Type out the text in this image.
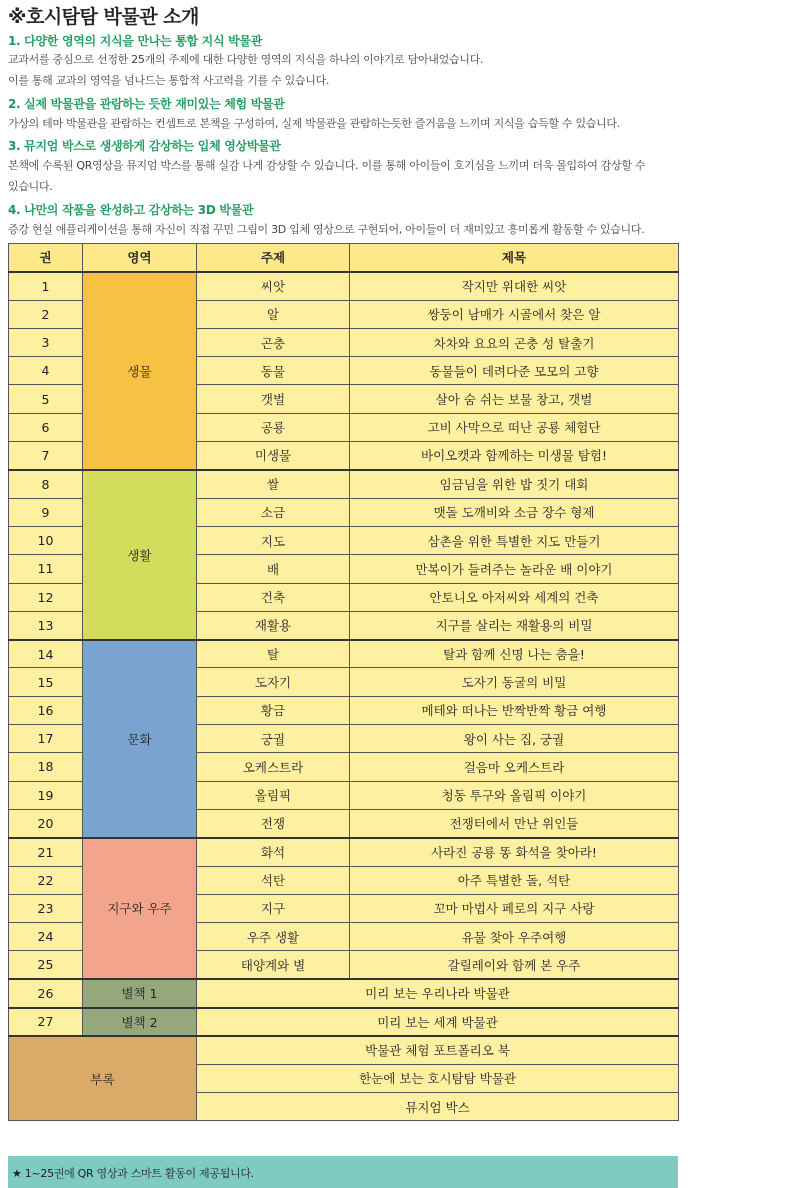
※호시탐탐 박물관 소개
1. 다양한 영역의 지식을 만나는 통합 지식 박물관
교과서를 중심으로 선정한 25개의 주제에 대한 다양한 영역의 지식을 하나의 이야기로 담아내었습니다.
이를 통해 교과의 영역을 넘나드는 통합적 사고력을 기를 수 있습니다.
2. 실제 박물관을 관람하는 듯한 재미있는 체험 박물관
가상의 테마 박물관을 관람하는 컨셉트로 본책을 구성하여, 실제 박물관을 관람하는듯한 즐거움을 느끼며 지식을 습득할 수 있습니다.
3. 뮤지엄 박스로 생생하게 감상하는 입체 영상박물관
본책에 수록된 QR영상을 뮤지엄 박스를 통해 실감 나게 감상할 수 있습니다. 이를 통해 아이들이 호기심을 느끼며 더욱 몰입하여 감상할 수
있습니다.
4. 나만의 작품을 완성하고 감상하는 3D 박물관
증강 현실 애플리케이션을 통해 자신이 직접 꾸민 그림이 3D 입체 영상으로 구현되어, 아이들이 더 재미있고 흥미롭게 활동할 수 있습니다.
권	영역	주제	제목
1	생물	씨앗	작지만 위대한 씨앗
2		알	쌍둥이 남매가 시골에서 찾은 알
3		곤충	차차와 요요의 곤충 성 탈출기
4		동물	동물들이 데려다준 모모의 고향
5		갯벌	살아 숨 쉬는 보물 창고, 갯벌
6		공룡	고비 사막으로 떠난 공룡 체험단
7		미생물	바이오캣과 함께하는 미생물 탐험!
8	생활	쌀	임금님을 위한 밥 짓기 대회
9		소금	맷돌 도깨비와 소금 장수 형제
10		지도	삼촌을 위한 특별한 지도 만들기
11		배	만복이가 들려주는 놀라운 배 이야기
12		건축	안토니오 아저씨와 세계의 건축
13		재활용	지구를 살리는 재활용의 비밀
14	문화	탈	탈과 함께 신명 나는 춤을!
15		도자기	도자기 동굴의 비밀
16		황금	메테와 떠나는 반짝반짝 황금 여행
17		궁궐	왕이 사는 집, 궁궐
18		오케스트라	걸음마 오케스트라
19		올림픽	청동 투구와 올림픽 이야기
20		전쟁	전쟁터에서 만난 위인들
21	지구와 우주	화석	사라진 공룡 똥 화석을 찾아라!
22		석탄	아주 특별한 돌, 석탄
23		지구	꼬마 마법사 페로의 지구 사랑
24		우주 생활	유물 찾아 우주여행
25		태양계와 별	갈릴레이와 함께 본 우주
26	별책 1	미리 보는 우리나라 박물관	
27	별책 2	미리 보는 세계 박물관	
부록		박물관 체험 포트폴리오 북	
		한눈에 보는 호시탐탐 박물관	
		뮤지엄 박스	
★ 1~25권에 QR 영상과 스마트 활동이 제공됩니다.
